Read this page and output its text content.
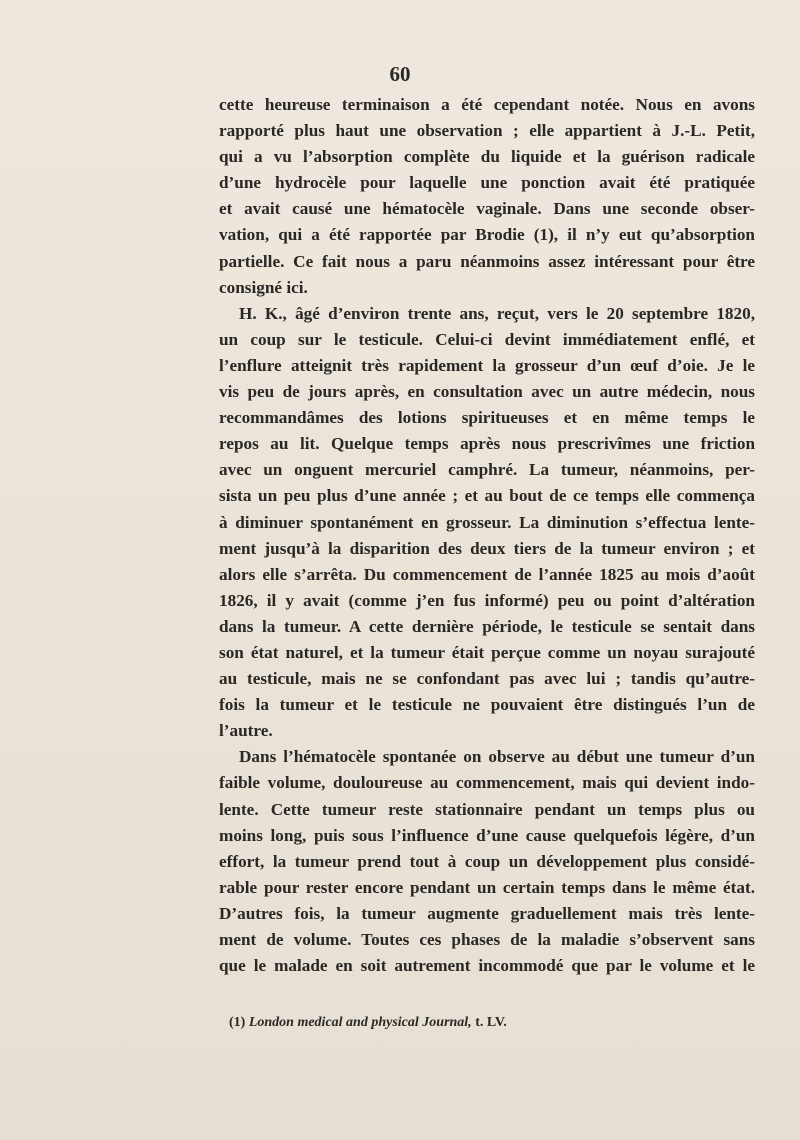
60
cette heureuse terminaison a été cependant notée. Nous en avons
rapporté plus haut une observation ; elle appartient à J.-L. Petit,
qui a vu l’absorption complète du liquide et la guérison radicale
d’une hydrocèle pour laquelle une ponction avait été pratiquée
et avait causé une hématocèle vaginale. Dans une seconde obser-
vation, qui a été rapportée par Brodie (1), il n’y eut qu’absorption
partielle. Ce fait nous a paru néanmoins assez intéressant pour être
consigné ici.
H. K., âgé d’environ trente ans, reçut, vers le 20 septembre 1820,
un coup sur le testicule. Celui-ci devint immédiatement enflé, et
l’enflure atteignit très rapidement la grosseur d’un œuf d’oie. Je le
vis peu de jours après, en consultation avec un autre médecin, nous
recommandâmes des lotions spiritueuses et en même temps le
repos au lit. Quelque temps après nous prescrivîmes une friction
avec un onguent mercuriel camphré. La tumeur, néanmoins, per-
sista un peu plus d’une année ; et au bout de ce temps elle commença
à diminuer spontanément en grosseur. La diminution s’effectua lente-
ment jusqu’à la disparition des deux tiers de la tumeur environ ; et
alors elle s’arrêta. Du commencement de l’année 1825 au mois d’août
1826, il y avait (comme j’en fus informé) peu ou point d’altération
dans la tumeur. A cette dernière période, le testicule se sentait dans
son état naturel, et la tumeur était perçue comme un noyau surajouté
au testicule, mais ne se confondant pas avec lui ; tandis qu’autre-
fois la tumeur et le testicule ne pouvaient être distingués l’un de
l’autre.
Dans l’hématocèle spontanée on observe au début une tumeur d’un
faible volume, douloureuse au commencement, mais qui devient indo-
lente. Cette tumeur reste stationnaire pendant un temps plus ou
moins long, puis sous l’influence d’une cause quelquefois légère, d’un
effort, la tumeur prend tout à coup un développement plus considé-
rable pour rester encore pendant un certain temps dans le même état.
D’autres fois, la tumeur augmente graduellement mais très lente-
ment de volume. Toutes ces phases de la maladie s’observent sans
que le malade en soit autrement incommodé que par le volume et le
(1) London medical and physical Journal, t. LV.
